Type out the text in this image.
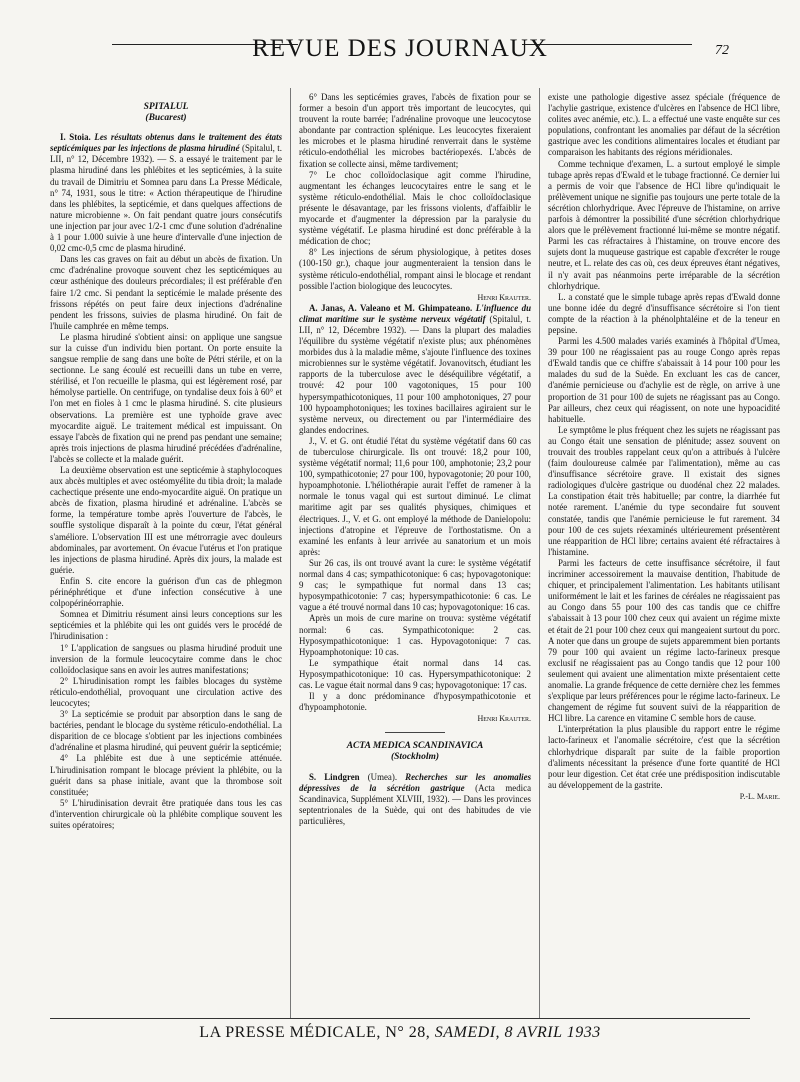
REVUE DES JOURNAUX	72

SPITALUL

(Bucarest)

I. Stoia. Les résultats obtenus dans le traitement des états septicémiques par les injections de plasma hirudiné (Spitalul, t. LII, n° 12, Décembre 1932). — S. a essayé le traitement par le plasma hirudiné dans les phlébites et les septicémies, à la suite du travail de Dimitriu et Somnea paru dans La Presse Médicale, n° 74, 1931, sous le titre: « Action thérapeutique de l'hirudine dans les phlébites, la septicémie, et dans quelques affections de nature microbienne ». On fait pendant quatre jours consécutifs une injection par jour avec 1/2-1 cmc d'une solution d'adrénaline à 1 pour 1.000 suivie à une heure d'intervalle d'une injection de 0,02 cmc-0,5 cmc de plasma hirudiné.

Dans les cas graves on fait au début un abcès de fixation. Un cmc d'adrénaline provoque souvent chez les septicémiques au cœur asthénique des douleurs précordiales; il est préférable d'en faire 1/2 cmc. Si pendant la septicémie le malade présente des frissons répétés on peut faire deux injections d'adrénaline pendent les frissons, suivies de plasma hirudiné. On fait de l'huile camphrée en même temps.

Le plasma hirudiné s'obtient ainsi: on applique une sangsue sur la cuisse d'un individu bien portant. On porte ensuite la sangsue remplie de sang dans une boîte de Pétri stérile, et on la sectionne. Le sang écoulé est recueilli dans un tube en verre, stérilisé, et l'on recueille le plasma, qui est légèrement rosé, par hémolyse partielle. On centrifuge, on tyndalise deux fois à 60° et l'on met en fioles à 1 cmc le plasma hirudiné. S. cite plusieurs observations. La première est une typhoïde grave avec myocardite aiguë. Le traitement médical est impuissant. On essaye l'abcès de fixation qui ne prend pas pendant une semaine; après trois injections de plasma hirudiné précédées d'adrénaline, l'abcès se collecte et la malade guérit.

La deuxième observation est une septicémie à staphylocoques aux abcès multiples et avec ostéomyélite du tibia droit; la malade cachectique présente une endo-myocardite aiguë. On pratique un abcès de fixation, plasma hirudiné et adrénaline. L'abcès se forme, la température tombe après l'ouverture de l'abcès, le souffle systolique disparaît à la pointe du cœur, l'état général s'améliore. L'observation III est une métrorragie avec douleurs abdominales, par avortement. On évacue l'utérus et l'on pratique les injections de plasma hirudiné. Après dix jours, la malade est guérie.

Enfin S. cite encore la guérison d'un cas de phlegmon périnéphrétique et d'une infection consécutive à une colpopérinéorraphie.

Somnea et Dimitriu résument ainsi leurs conceptions sur les septicémies et la phlébite qui les ont guidés vers le procédé de l'hirudinisation :

1° L'application de sangsues ou plasma hirudiné produit une inversion de la formule leucocytaire comme dans le choc colloïdoclasique sans en avoir les autres manifestations;

2° L'hirudinisation rompt les faibles blocages du système réticulo-endothélial, provoquant une circulation active des leucocytes;

3° La septicémie se produit par absorption dans le sang de bactéries, pendant le blocage du système réticulo-endothélial. La disparition de ce blocage s'obtient par les injections combinées d'adrénaline et plasma hirudiné, qui peuvent guérir la septicémie;

4° La phlébite est due à une septicémie atténuée. L'hirudinisation rompant le blocage prévient la phlébite, ou la guérit dans sa phase initiale, avant que la thrombose soit constituée;

5° L'hirudinisation devrait être pratiquée dans tous les cas d'intervention chirurgicale où la phlébite complique souvent les suites opératoires;

6° Dans les septicémies graves, l'abcès de fixation pour se former a besoin d'un apport très important de leucocytes, qui trouvent la route barrée; l'adrénaline provoque une leucocytose abondante par contraction splénique. Les leucocytes fixeraient les microbes et le plasma hirudiné renverrait dans le système réticulo-endothélial les microbes bactériopexés. L'abcès de fixation se collecte ainsi, même tardivement;

7° Le choc colloïdoclasique agit comme l'hirudine, augmentant les échanges leucocytaires entre le sang et le système réticulo-endothélial. Mais le choc colloïdoclasique présente le désavantage, par les frissons violents, d'affaiblir le myocarde et d'augmenter la dépression par la paralysie du système végétatif. Le plasma hirudiné est donc préférable à la médication de choc;

8° Les injections de sérum physiologique, à petites doses (100-150 gr.), chaque jour augmenteraient la tension dans le système réticulo-endothélial, rompant ainsi le blocage et rendant possible l'action biologique des leucocytes.

Henri Krauter.

A. Janas, A. Valeano et M. Ghimpateano. L'influence du climat maritime sur le système nerveux végétatif (Spitalul, t. LII, n° 12, Décembre 1932). — Dans la plupart des maladies l'équilibre du système végétatif n'existe plus; aux phénomènes morbides dus à la maladie même, s'ajoute l'influence des toxines microbiennes sur le système végétatif. Jovanovitsch, étudiant les rapports de la tuberculose avec le déséquilibre végétatif, a trouvé: 42 pour 100 vagotoniques, 15 pour 100 hypersympathicotoniques, 11 pour 100 amphotoniques, 27 pour 100 hypoamphotoniques; les toxines bacillaires agiraient sur le système nerveux, ou directement ou par l'intermédiaire des glandes endocrines.

J., V. et G. ont étudié l'état du système végétatif dans 60 cas de tuberculose chirurgicale. Ils ont trouvé: 18,2 pour 100, système végétatif normal; 11,6 pour 100, amphotonie; 23,2 pour 100, sympathicotonie; 27 pour 100, hypovagotonie; 20 pour 100, hypoamphotonie. L'héliothérapie aurait l'effet de ramener à la normale le tonus vagal qui est surtout diminué. Le climat maritime agit par ses qualités physiques, chimiques et électriques. J., V. et G. ont employé la méthode de Danielopolu: injections d'atropine et l'épreuve de l'orthostatisme. On a examiné les enfants à leur arrivée au sanatorium et un mois après:

Sur 26 cas, ils ont trouvé avant la cure: le système végétatif normal dans 4 cas; sympathicotonique: 6 cas; hypovagotonique: 9 cas; le sympathique fut normal dans 13 cas; hyposympathicotonie: 7 cas; hypersympathicotonie: 6 cas. Le vague a été trouvé normal dans 10 cas; hypovagotonique: 16 cas.

Après un mois de cure marine on trouva: système végétatif normal: 6 cas. Sympathicotonique: 2 cas. Hyposympathicotonique: 1 cas. Hypovagotonique: 7 cas. Hypoamphotonique: 10 cas.

Le sympathique était normal dans 14 cas. Hyposympathicotonique: 10 cas. Hypersympathicotonique: 2 cas. Le vague était normal dans 9 cas; hypovagotonique: 17 cas.

Il y a donc prédominance d'hyposympathicotonie et d'hypoamphotonie.

Henri Krauter.

ACTA MEDICA SCANDINAVICA

(Stockholm)

S. Lindgren (Umea). Recherches sur les anomalies dépressives de la sécrétion gastrique (Acta medica Scandinavica, Supplément XLVIII, 1932). — Dans les provinces septentrionales de la Suède, qui ont des habitudes de vie particulières,

existe une pathologie digestive assez spéciale (fréquence de l'achylie gastrique, existence d'ulcères en l'absence de HCl libre, colites avec anémie, etc.). L. a effectué une vaste enquête sur ces populations, confrontant les anomalies par défaut de la sécrétion gastrique avec les conditions alimentaires locales et étudiant par comparaison les habitants des régions méridionales.

Comme technique d'examen, L. a surtout employé le simple tubage après repas d'Ewald et le tubage fractionné. Ce dernier lui a permis de voir que l'absence de HCl libre qu'indiquait le prélèvement unique ne signifie pas toujours une perte totale de la sécrétion chlorhydrique. Avec l'épreuve de l'histamine, on arrive parfois à démontrer la possibilité d'une sécrétion chlorhydrique alors que le prélèvement fractionné lui-même se montre négatif. Parmi les cas réfractaires à l'histamine, on trouve encore des sujets dont la muqueuse gastrique est capable d'excréter le rouge neutre, et L. relate des cas où, ces deux épreuves étant négatives, il n'y avait pas néanmoins perte irréparable de la sécrétion chlorhydrique.

L. a constaté que le simple tubage après repas d'Ewald donne une bonne idée du degré d'insuffisance sécrétoire si l'on tient compte de la réaction à la phénolphtaléine et de la teneur en pepsine.

Parmi les 4.500 malades variés examinés à l'hôpital d'Umea, 39 pour 100 ne réagissaient pas au rouge Congo après repas d'Ewald tandis que ce chiffre s'abaissait à 14 pour 100 pour les malades du sud de la Suède. En excluant les cas de cancer, d'anémie pernicieuse ou d'achylie est de règle, on arrive à une proportion de 31 pour 100 de sujets ne réagissant pas au Congo. Par ailleurs, chez ceux qui réagissent, on note une hypoacidité habituelle.

Le symptôme le plus fréquent chez les sujets ne réagissant pas au Congo était une sensation de plénitude; assez souvent on trouvait des troubles rappelant ceux qu'on a attribués à l'ulcère (faim douloureuse calmée par l'alimentation), même au cas d'insuffisance sécrétoire grave. Il existait des signes radiologiques d'ulcère gastrique ou duodénal chez 22 malades. La constipation était très habituelle; par contre, la diarrhée fut notée rarement. L'anémie du type secondaire fut souvent constatée, tandis que l'anémie pernicieuse le fut rarement. 34 pour 100 de ces sujets réexaminés ultérieurement présentèrent une réapparition de HCl libre; certains avaient été réfractaires à l'histamine.

Parmi les facteurs de cette insuffisance sécrétoire, il faut incriminer accessoirement la mauvaise dentition, l'habitude de chiquer, et principalement l'alimentation. Les habitants utilisant uniformément le lait et les farines de céréales ne réagissaient pas au Congo dans 55 pour 100 des cas tandis que ce chiffre s'abaissait à 13 pour 100 chez ceux qui avaient un régime mixte et était de 21 pour 100 chez ceux qui mangeaient surtout du porc. A noter que dans un groupe de sujets apparemment bien portants 79 pour 100 qui avaient un régime lacto-farineux presque exclusif ne réagissaient pas au Congo tandis que 12 pour 100 seulement qui avaient une alimentation mixte présentaient cette anomalie. La grande fréquence de cette dernière chez les femmes s'explique par leurs préférences pour le régime lacto-farineux. Le changement de régime fut souvent suivi de la réapparition de HCl libre. La carence en vitamine C semble hors de cause.

L'interprétation la plus plausible du rapport entre le régime lacto-farineux et l'anomalie sécrétoire, c'est que la sécrétion chlorhydrique disparaît par suite de la faible proportion d'aliments nécessitant la présence d'une forte quantité de HCl pour leur digestion. Cet état crée une prédisposition indiscutable au développement de la gastrite.

P.-L. Marie.

LA PRESSE MÉDICALE, N° 28, SAMEDI, 8 AVRIL 1933
